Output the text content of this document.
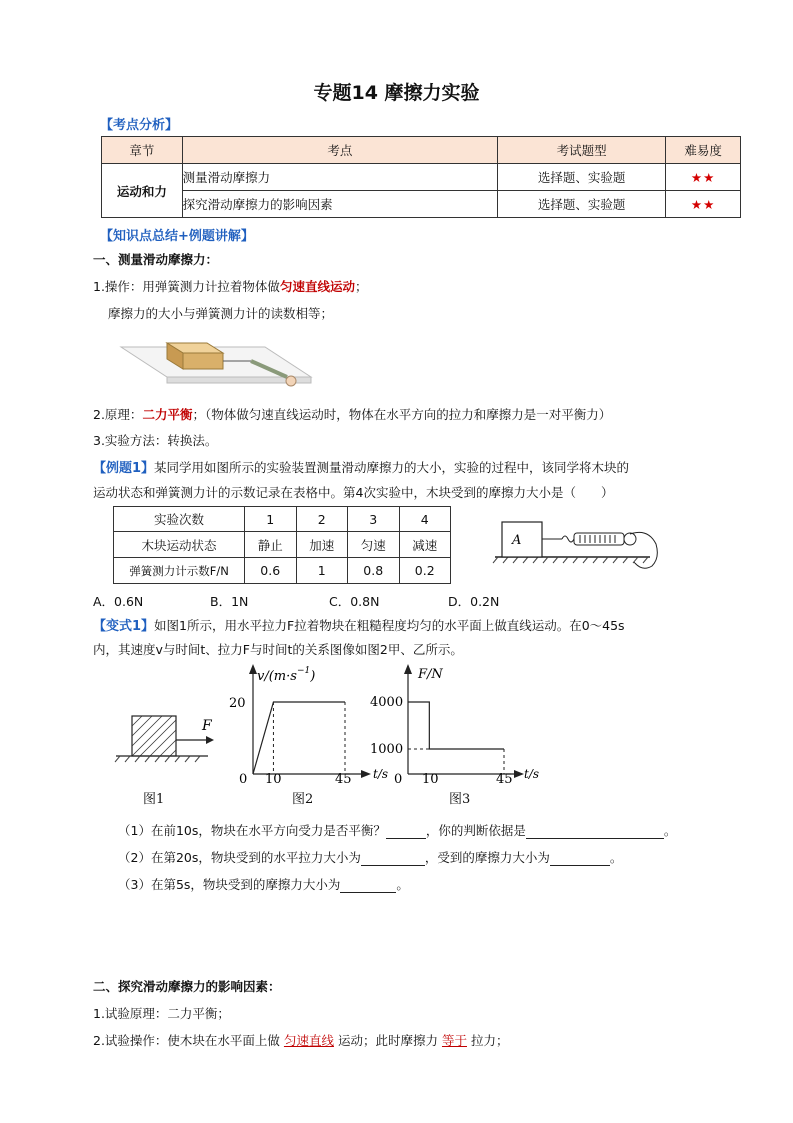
专题14 摩擦力实验
【考点分析】
章节	考点	考试题型	难易度
运动和力	测量滑动摩擦力	选择题、实验题	★★
	探究滑动摩擦力的影响因素	选择题、实验题	★★
【知识点总结+例题讲解】
一、测量滑动摩擦力：
1.操作：用弹簧测力计拉着物体做匀速直线运动；
摩擦力的大小与弹簧测力计的读数相等；
2.原理：二力平衡；（物体做匀速直线运动时，物体在水平方向的拉力和摩擦力是一对平衡力）
3.实验方法：转换法。
【例题1】某同学用如图所示的实验装置测量滑动摩擦力的大小，实验的过程中，该同学将木块的
运动状态和弹簧测力计的示数记录在表格中。第4次实验中，木块受到的摩擦力大小是（　　）
实验次数	1	2	3	4
木块运动状态	静止	加速	匀速	减速
弹簧测力计示数F/N	0.6	1	0.8	0.2
A
A．0.6N	B．1N	C．0.8N	D．0.2N
【变式1】如图1所示，用水平拉力F拉着物块在粗糙程度均匀的水平面上做直线运动。在0～45s
内，其速度v与时间t、拉力F与时间t的关系图像如图2甲、乙所示。
F
图1
$v/(m\cdot s^{-1})$
t/s
20
0 10	45
图2
F/N
t/s
4000
1000
0 10	45
图3
（1）在前10s，物块在水平方向受力是否平衡？	，你的判断依据是	。
（2）在第20s，物块受到的水平拉力大小为	，受到的摩擦力大小为	。
（3）在第5s，物块受到的摩擦力大小为	。
二、探究滑动摩擦力的影响因素：
1.试验原理：二力平衡；
2.试验操作：使木块在水平面上做 匀速直线 运动；此时摩擦力 等于 拉力；
